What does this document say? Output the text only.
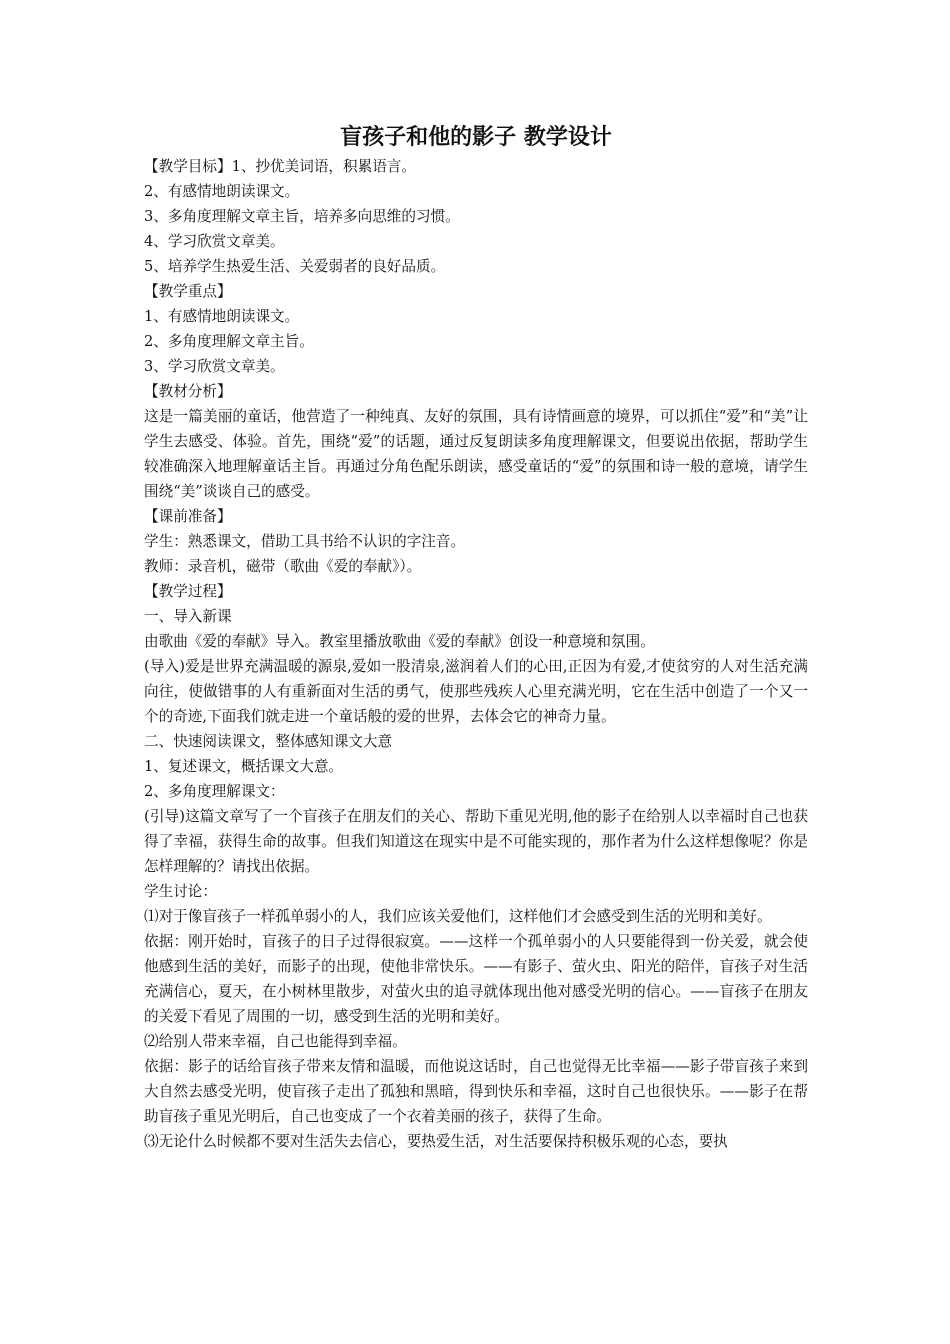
盲孩子和他的影子 教学设计
【教学目标】1、抄优美词语，积累语言。
2、有感情地朗读课文。
3、多角度理解文章主旨，培养多向思维的习惯。
4、学习欣赏文章美。
5、培养学生热爱生活、关爱弱者的良好品质。
【教学重点】
1、有感情地朗读课文。
2、多角度理解文章主旨。
3、学习欣赏文章美。
【教材分析】
这是一篇美丽的童话，他营造了一种纯真、友好的氛围，具有诗情画意的境界，可以抓住“爱”和“美”让学生去感受、体验。首先，围绕“爱”的话题，通过反复朗读多角度理解课文，但要说出依据，帮助学生较准确深入地理解童话主旨。再通过分角色配乐朗读，感受童话的“爱”的氛围和诗一般的意境，请学生围绕“美”谈谈自己的感受。
【课前准备】
学生：熟悉课文，借助工具书给不认识的字注音。
教师：录音机，磁带（歌曲《爱的奉献》）。
【教学过程】
一、导入新课
由歌曲《爱的奉献》导入。教室里播放歌曲《爱的奉献》创设一种意境和氛围。
(导入)爱是世界充满温暖的源泉,爱如一股清泉,滋润着人们的心田,正因为有爱,才使贫穷的人对生活充满向往，使做错事的人有重新面对生活的勇气，使那些残疾人心里充满光明，它在生活中创造了一个又一个的奇迹,下面我们就走进一个童话般的爱的世界，去体会它的神奇力量。
二、快速阅读课文，整体感知课文大意
1、复述课文，概括课文大意。
2、多角度理解课文：
(引导)这篇文章写了一个盲孩子在朋友们的关心、帮助下重见光明,他的影子在给别人以幸福时自己也获得了幸福，获得生命的故事。但我们知道这在现实中是不可能实现的，那作者为什么这样想像呢？你是怎样理解的？请找出依据。
学生讨论：
⑴对于像盲孩子一样孤单弱小的人，我们应该关爱他们，这样他们才会感受到生活的光明和美好。
依据：刚开始时，盲孩子的日子过得很寂寞。——这样一个孤单弱小的人只要能得到一份关爱，就会使他感到生活的美好，而影子的出现，使他非常快乐。——有影子、萤火虫、阳光的陪伴，盲孩子对生活充满信心，夏天，在小树林里散步，对萤火虫的追寻就体现出他对感受光明的信心。——盲孩子在朋友的关爱下看见了周围的一切，感受到生活的光明和美好。
⑵给别人带来幸福，自己也能得到幸福。
依据：影子的话给盲孩子带来友情和温暖，而他说这话时，自己也觉得无比幸福——影子带盲孩子来到大自然去感受光明，使盲孩子走出了孤独和黑暗，得到快乐和幸福，这时自己也很快乐。——影子在帮助盲孩子重见光明后，自己也变成了一个衣着美丽的孩子，获得了生命。
⑶无论什么时候都不要对生活失去信心，要热爱生活，对生活要保持积极乐观的心态，要执
